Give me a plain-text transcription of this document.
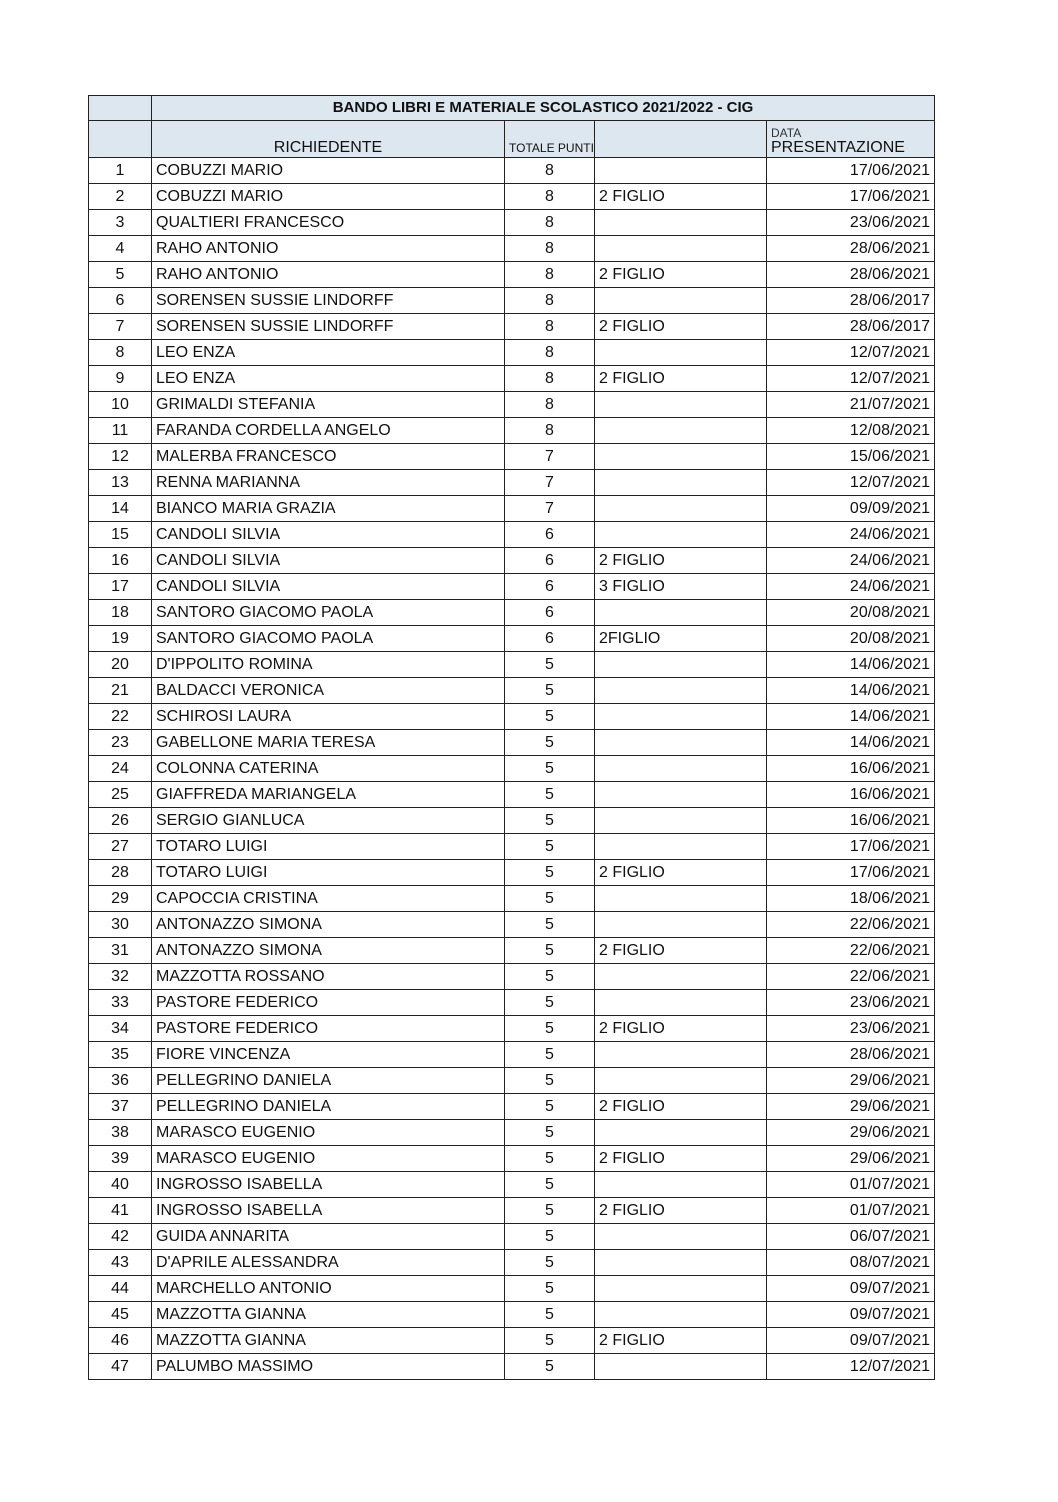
	BANDO LIBRI E MATERIALE SCOLASTICO 2021/2022 - CIG			
	RICHIEDENTE	TOTALE PUNTI		DATA
PRESENTAZIONE
1	COBUZZI MARIO	8		17/06/2021
2	COBUZZI MARIO	8	2 FIGLIO	17/06/2021
3	QUALTIERI FRANCESCO	8		23/06/2021
4	RAHO ANTONIO	8		28/06/2021
5	RAHO ANTONIO	8	2 FIGLIO	28/06/2021
6	SORENSEN SUSSIE LINDORFF	8		28/06/2017
7	SORENSEN SUSSIE LINDORFF	8	2 FIGLIO	28/06/2017
8	LEO ENZA	8		12/07/2021
9	LEO ENZA	8	2 FIGLIO	12/07/2021
10	GRIMALDI STEFANIA	8		21/07/2021
11	FARANDA CORDELLA ANGELO	8		12/08/2021
12	MALERBA FRANCESCO	7		15/06/2021
13	RENNA MARIANNA	7		12/07/2021
14	BIANCO MARIA GRAZIA	7		09/09/2021
15	CANDOLI SILVIA	6		24/06/2021
16	CANDOLI SILVIA	6	2 FIGLIO	24/06/2021
17	CANDOLI SILVIA	6	3 FIGLIO	24/06/2021
18	SANTORO GIACOMO PAOLA	6		20/08/2021
19	SANTORO GIACOMO PAOLA	6	2FIGLIO	20/08/2021
20	D'IPPOLITO ROMINA	5		14/06/2021
21	BALDACCI VERONICA	5		14/06/2021
22	SCHIROSI LAURA	5		14/06/2021
23	GABELLONE MARIA TERESA	5		14/06/2021
24	COLONNA CATERINA	5		16/06/2021
25	GIAFFREDA MARIANGELA	5		16/06/2021
26	SERGIO GIANLUCA	5		16/06/2021
27	TOTARO LUIGI	5		17/06/2021
28	TOTARO LUIGI	5	2 FIGLIO	17/06/2021
29	CAPOCCIA CRISTINA	5		18/06/2021
30	ANTONAZZO SIMONA	5		22/06/2021
31	ANTONAZZO SIMONA	5	2 FIGLIO	22/06/2021
32	MAZZOTTA ROSSANO	5		22/06/2021
33	PASTORE FEDERICO	5		23/06/2021
34	PASTORE FEDERICO	5	2 FIGLIO	23/06/2021
35	FIORE VINCENZA	5		28/06/2021
36	PELLEGRINO DANIELA	5		29/06/2021
37	PELLEGRINO DANIELA	5	2 FIGLIO	29/06/2021
38	MARASCO EUGENIO	5		29/06/2021
39	MARASCO EUGENIO	5	2 FIGLIO	29/06/2021
40	INGROSSO ISABELLA	5		01/07/2021
41	INGROSSO ISABELLA	5	2 FIGLIO	01/07/2021
42	GUIDA ANNARITA	5		06/07/2021
43	D'APRILE ALESSANDRA	5		08/07/2021
44	MARCHELLO ANTONIO	5		09/07/2021
45	MAZZOTTA GIANNA	5		09/07/2021
46	MAZZOTTA GIANNA	5	2 FIGLIO	09/07/2021
47	PALUMBO MASSIMO	5		12/07/2021
